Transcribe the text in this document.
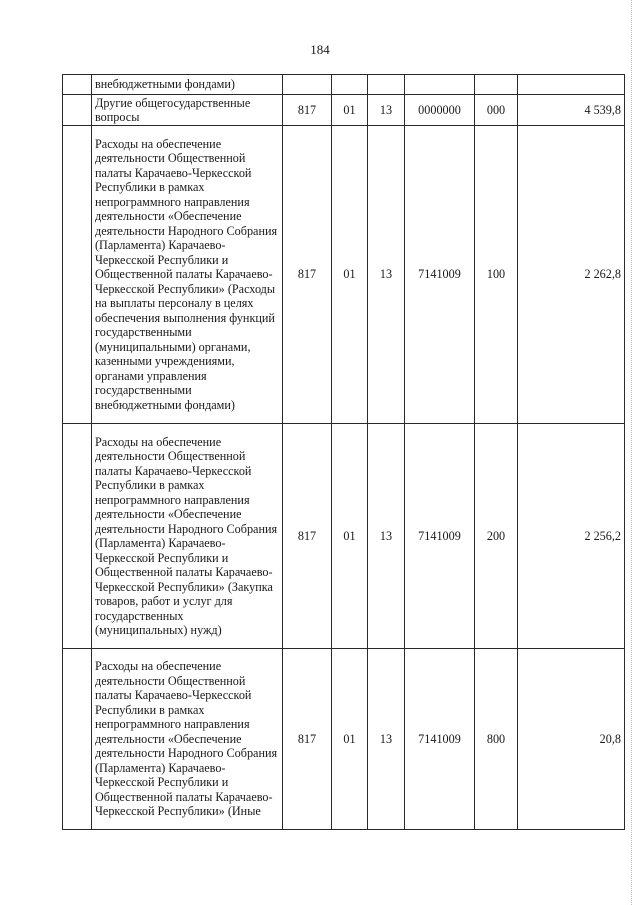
184
	внебюджетными фондами)						
	Другие общегосударственные вопросы	817	01	13	0000000	000	4 539,8
	Расходы на обеспечение деятельности Общественной палаты Карачаево-Черкесской Республики в рамках непрограммного направления деятельности «Обеспечение деятельности Народного Собрания (Парламента) Карачаево-Черкесской Республики и Общественной палаты Карачаево-Черкесской Республики» (Расходы на выплаты персоналу в целях обеспечения выполнения функций государственными (муниципальными) органами, казенными учреждениями, органами управления государственными внебюджетными фондами)	817	01	13	7141009	100	2 262,8
	Расходы на обеспечение деятельности Общественной палаты Карачаево-Черкесской Республики в рамках непрограммного направления деятельности «Обеспечение деятельности Народного Собрания (Парламента) Карачаево-Черкесской Республики и Общественной палаты Карачаево-Черкесской Республики» (Закупка товаров, работ и услуг для государственных (муниципальных) нужд)	817	01	13	7141009	200	2 256,2
	Расходы на обеспечение деятельности Общественной палаты Карачаево-Черкесской Республики в рамках непрограммного направления деятельности «Обеспечение деятельности Народного Собрания (Парламента) Карачаево-Черкесской Республики и Общественной палаты Карачаево-Черкесской Республики» (Иные	817	01	13	7141009	800	20,8
